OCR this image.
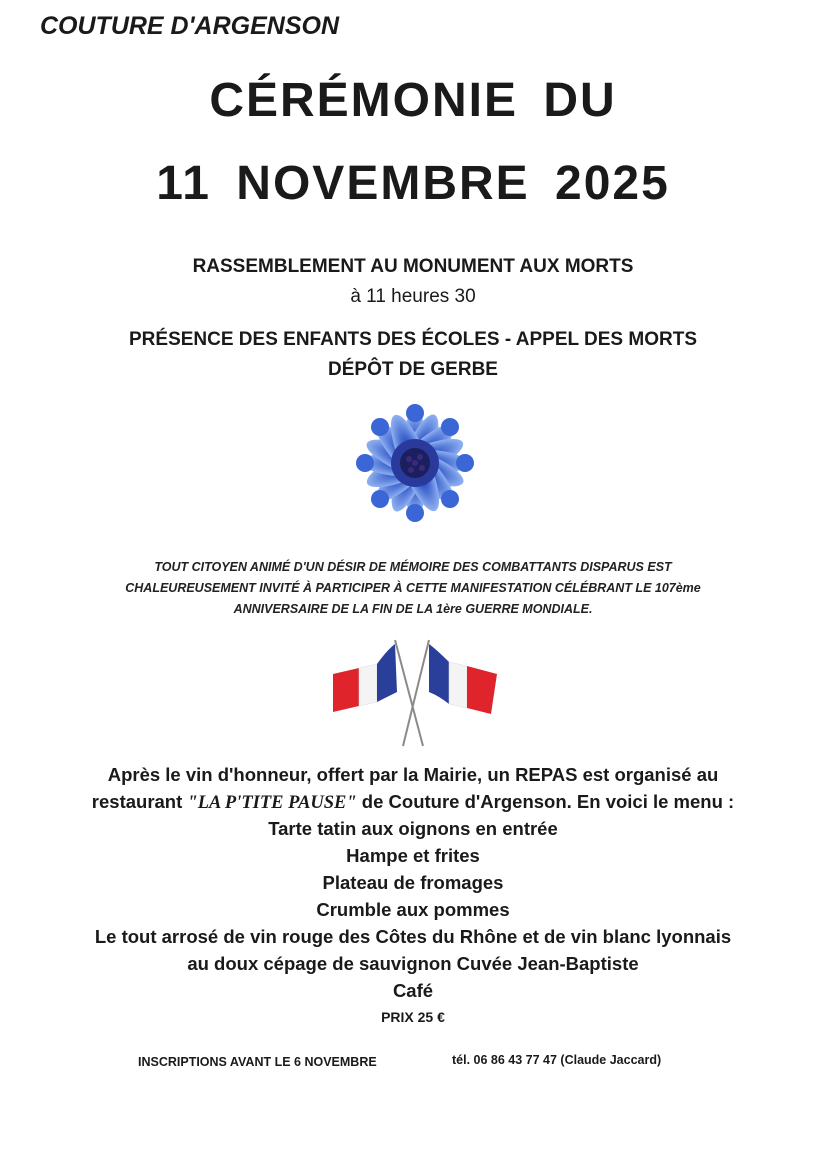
COUTURE D'ARGENSON
CÉRÉMONIE DU
11 NOVEMBRE 2025
RASSEMBLEMENT AU MONUMENT AUX MORTS
à 11 heures 30
PRÉSENCE DES ENFANTS DES ÉCOLES - APPEL DES MORTS
DÉPÔT DE GERBE
TOUT CITOYEN ANIMÉ D'UN DÉSIR DE MÉMOIRE DES COMBATTANTS DISPARUS EST
CHALEUREUSEMENT INVITÉ À PARTICIPER À CETTE MANIFESTATION CÉLÉBRANT LE 107ème
ANNIVERSAIRE DE LA FIN DE LA 1ère GUERRE MONDIALE.
Après le vin d'honneur, offert par la Mairie, un REPAS est organisé au
restaurant "LA P'TITE PAUSE" de Couture d'Argenson. En voici le menu :
Tarte tatin aux oignons en entrée
Hampe et frites
Plateau de fromages
Crumble aux pommes
Le tout arrosé de vin rouge des Côtes du Rhône et de vin blanc lyonnais
au doux cépage de sauvignon Cuvée Jean-Baptiste
Café
PRIX 25 €
INSCRIPTIONS AVANT LE 6 NOVEMBRE	tél. 06 86 43 77 47 (Claude Jaccard)
